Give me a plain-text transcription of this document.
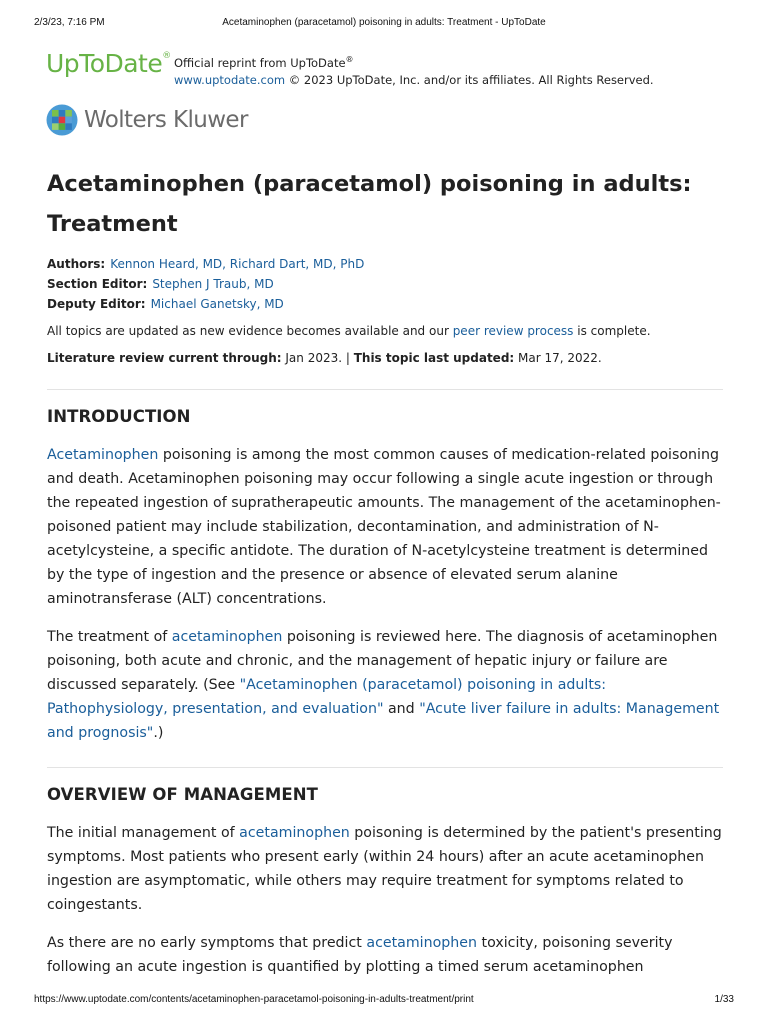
2/3/23, 7:16 PM	Acetaminophen (paracetamol) poisoning in adults: Treatment - UpToDate
UpToDate® Official reprint from UpToDate®
www.uptodate.com © 2023 UpToDate, Inc. and/or its affiliates. All Rights Reserved.
Wolters Kluwer
Acetaminophen (paracetamol) poisoning in adults: Treatment
Authors: Kennon Heard, MD, Richard Dart, MD, PhD
Section Editor: Stephen J Traub, MD
Deputy Editor: Michael Ganetsky, MD
All topics are updated as new evidence becomes available and our peer review process is complete.
Literature review current through: Jan 2023. | This topic last updated: Mar 17, 2022.
INTRODUCTION

Acetaminophen poisoning is among the most common causes of medication-related poisoning and death. Acetaminophen poisoning may occur following a single acute ingestion or through the repeated ingestion of supratherapeutic amounts. The management of the acetaminophen-poisoned patient may include stabilization, decontamination, and administration of N-acetylcysteine, a specific antidote. The duration of N-acetylcysteine treatment is determined by the type of ingestion and the presence or absence of elevated serum alanine aminotransferase (ALT) concentrations.

The treatment of acetaminophen poisoning is reviewed here. The diagnosis of acetaminophen poisoning, both acute and chronic, and the management of hepatic injury or failure are discussed separately. (See "Acetaminophen (paracetamol) poisoning in adults: Pathophysiology, presentation, and evaluation" and "Acute liver failure in adults: Management and prognosis".)

OVERVIEW OF MANAGEMENT

The initial management of acetaminophen poisoning is determined by the patient's presenting symptoms. Most patients who present early (within 24 hours) after an acute acetaminophen ingestion are asymptomatic, while others may require treatment for symptoms related to coingestants.

As there are no early symptoms that predict acetaminophen toxicity, poisoning severity following an acute ingestion is quantified by plotting a timed serum acetaminophen

https://www.uptodate.com/contents/acetaminophen-paracetamol-poisoning-in-adults-treatment/print	1/33
